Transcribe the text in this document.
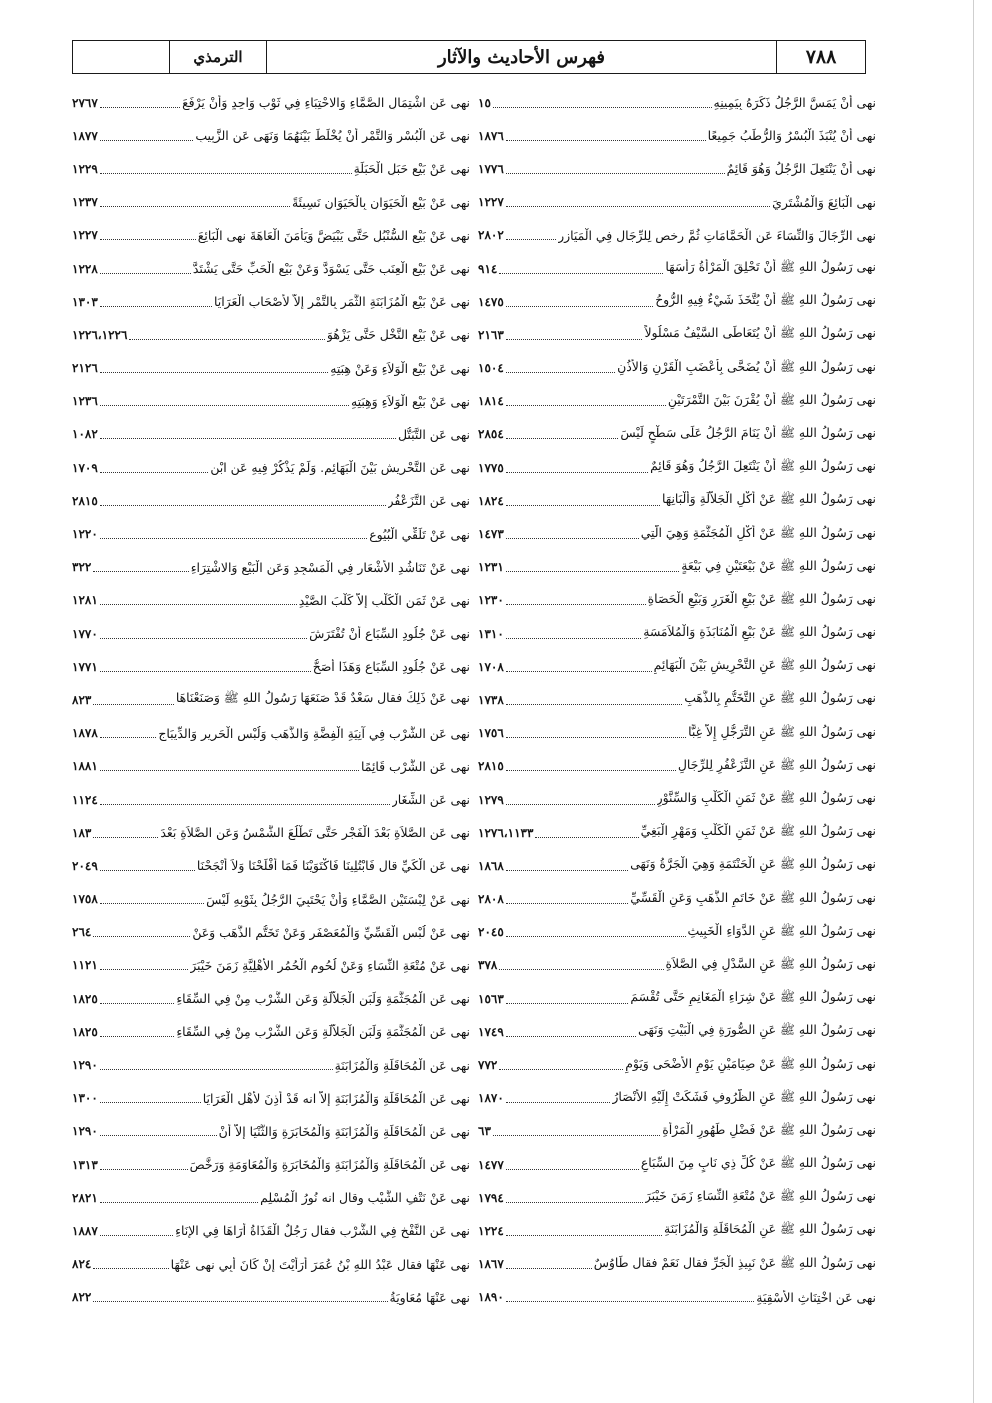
٧٨٨
فهرس الأحاديث والآثار
الترمذي
نهى أَنْ يَمَسَّ الرَّجُلُ ذَكَرَهُ بِيَمِينِهِ
١٥
نهى أَنْ يُنْبَذَ الْبُسْرُ وَالرُّطَبُ جَمِيعًا
١٨٧٦
نهى أَنْ يَنْتَعِلَ الرَّجُلُ وَهُوَ قَائِمٌ
١٧٧٦
نهى الْبَائِعَ وَالْمُشْتَرِيَ
١٢٢٧
نهى الرِّجَالَ وَالنِّسَاءَ عَنِ الْحَمَّامَاتِ ثُمَّ رخص لِلرِّجَالِ فِي الْمَيَازِرِ
٢٨٠٢
نهى رَسُولُ اللهِ ﷺ أَنْ تَحْلِقَ الْمَرْأَةُ رَأْسَهَا
٩١٤
نهى رَسُولُ اللهِ ﷺ أَنْ يُتَّخَذَ شَيْءٌ فِيهِ الرُّوحُ
١٤٧٥
نهى رَسُولُ اللهِ ﷺ أَنْ يُتَعَاطَى السَّيْفُ مَسْلُولاً
٢١٦٣
نهى رَسُولُ اللهِ ﷺ أَنْ يُضَحَّى بِأَعْضَبِ الْقَرْنِ وَالأُذُنِ
١٥٠٤
نهى رَسُولُ اللهِ ﷺ أَنْ يُقْرَنَ بَيْنَ التَّمْرَتَيْنِ
١٨١٤
نهى رَسُولُ اللهِ ﷺ أَنْ يَنَامَ الرَّجُلُ عَلَى سَطْحٍ لَيْسَ
٢٨٥٤
نهى رَسُولُ اللهِ ﷺ أَنْ يَنْتَعِلَ الرَّجُلُ وَهُوَ قَائِمٌ
١٧٧٥
نهى رَسُولُ اللهِ ﷺ عَنْ أَكْلِ الْجَلاَّلَةِ وَأَلْبَانِهَا
١٨٢٤
نهى رَسُولُ اللهِ ﷺ عَنْ أَكْلِ الْمُجَثَّمَةِ وَهِيَ الَّتِي
١٤٧٣
نهى رَسُولُ اللهِ ﷺ عَنْ بَيْعَتَيْنِ فِي بَيْعَةٍ
١٢٣١
نهى رَسُولُ اللهِ ﷺ عَنْ بَيْعِ الْغَرَرِ وَبَيْعِ الْحَصَاةِ
١٢٣٠
نهى رَسُولُ اللهِ ﷺ عَنْ بَيْعِ الْمُنَابَذَةِ وَالْمُلاَمَسَةِ
١٣١٠
نهى رَسُولُ اللهِ ﷺ عَنِ التَّحْرِيشِ بَيْنَ الْبَهَائِمِ
١٧٠٨
نهى رَسُولُ اللهِ ﷺ عَنِ التَّخَتُّمِ بِالذَّهَبِ
١٧٣٨
نهى رَسُولُ اللهِ ﷺ عَنِ التَّرَجُّلِ إِلاَّ غِبًّا
١٧٥٦
نهى رَسُولُ اللهِ ﷺ عَنِ التَّزَعْفُرِ لِلرِّجَالِ
٢٨١٥
نهى رَسُولُ اللهِ ﷺ عَنْ ثَمَنِ الْكَلْبِ وَالسِّنَّوْرِ
١٢٧٩
نهى رَسُولُ اللهِ ﷺ عَنْ ثَمَنِ الْكَلْبِ وَمَهْرِ الْبَغِيِّ
١٢٧٦،١١٣٣
نهى رَسُولُ اللهِ ﷺ عَنِ الْحَنْتَمَةِ وَهِيَ الْجَرَّةُ وَنَهَى
١٨٦٨
نهى رَسُولُ اللهِ ﷺ عَنْ خَاتَمِ الذَّهَبِ وَعَنِ الْقَسِّيِّ
٢٨٠٨
نهى رَسُولُ اللهِ ﷺ عَنِ الدَّوَاءِ الْخَبِيثِ
٢٠٤٥
نهى رَسُولُ اللهِ ﷺ عَنِ السَّدْلِ فِي الصَّلاَةِ
٣٧٨
نهى رَسُولُ اللهِ ﷺ عَنْ شِرَاءِ الْمَغَانِمِ حَتَّى تُقْسَمَ
١٥٦٣
نهى رَسُولُ اللهِ ﷺ عَنِ الصُّورَةِ فِي الْبَيْتِ وَنَهَى
١٧٤٩
نهى رَسُولُ اللهِ ﷺ عَنْ صِيَامَيْنِ يَوْمِ الأَضْحَى وَيَوْمِ
٧٧٢
نهى رَسُولُ اللهِ ﷺ عَنِ الظُّرُوفِ فَشَكَتْ إِلَيْهِ الأَنْصَارُ
١٨٧٠
نهى رَسُولُ اللهِ ﷺ عَنْ فَضْلِ طَهُورِ الْمَرْأَةِ
٦٣
نهى رَسُولُ اللهِ ﷺ عَنْ كُلِّ ذِي نَابٍ مِنَ السِّبَاعِ
١٤٧٧
نهى رَسُولُ اللهِ ﷺ عَنْ مُتْعَةِ النِّسَاءِ زَمَنَ خَيْبَرَ
١٧٩٤
نهى رَسُولُ اللهِ ﷺ عَنِ الْمُحَاقَلَةِ وَالْمُزَابَنَةِ
١٢٢٤
نهى رَسُولُ اللهِ ﷺ عَنْ نَبِيذِ الْجَرِّ فقال نَعَمْ فقال طَاوُسٌ
١٨٦٧
نهى عَنِ اخْتِنَاثِ الأَسْقِيَةِ
١٨٩٠
نهى عَنِ اشْتِمَالِ الصَّمَّاءِ وَالاحْتِبَاءِ فِي ثَوْبٍ وَاحِدٍ وَأَنْ يَرْفَعَ
٢٧٦٧
نهى عَنِ الْبُسْرِ وَالتَّمْرِ أَنْ يُخْلَطَ بَيْنَهُمَا وَنَهَى عَنِ الزَّبِيبِ
١٨٧٧
نهى عَنْ بَيْعِ حَبَلِ الْحَبَلَةِ
١٢٢٩
نهى عَنْ بَيْعِ الْحَيَوَانِ بِالْحَيَوَانِ نَسِيئَةً
١٢٣٧
نهى عَنْ بَيْعِ السُّنْبُلِ حَتَّى يَبْيَضَّ وَيَأْمَنَ الْعَاهَةَ نهى الْبَائِعَ
١٢٢٧
نهى عَنْ بَيْعِ الْعِنَبِ حَتَّى يَسْوَدَّ وَعَنْ بَيْعِ الْحَبِّ حَتَّى يَشْتَدَّ
١٢٢٨
نهى عَنْ بَيْعِ الْمُزَابَنَةِ الثَّمَرِ بِالتَّمْرِ إِلاَّ لأَصْحَابِ الْعَرَايَا
١٣٠٣
نهى عَنْ بَيْعِ النَّخْلِ حَتَّى يَزْهُوَ
١٢٢٦،١٢٢٦
نهى عَنْ بَيْعِ الْوَلاَءِ وَعَنْ هِبَتِهِ
٢١٢٦
نهى عَنْ بَيْعِ الْوَلاَءِ وَهِبَتِهِ
١٢٣٦
نهى عَنِ التَّبَتُّلِ
١٠٨٢
نهى عَنِ التَّحْرِيشِ بَيْنَ الْبَهَائِمِ. وَلَمْ يَذْكُرْ فِيهِ عَنِ ابْنِ
١٧٠٩
نهى عَنِ التَّزَعْفُرِ
٢٨١٥
نهى عَنْ تَلَقِّي الْبُيُوعِ
١٢٢٠
نهى عَنْ تَنَاشُدِ الأَشْعَارِ فِي الْمَسْجِدِ وَعَنِ الْبَيْعِ وَالاشْتِرَاءِ
٣٢٢
نهى عَنْ ثَمَنِ الْكَلْبِ إِلاَّ كَلْبَ الصَّيْدِ
١٢٨١
نهى عَنْ جُلُودِ السِّبَاعِ أَنْ تُفْتَرَشَ
١٧٧٠
نهى عَنْ جُلُودِ السِّبَاعِ وَهَذَا أَصَحُّ
١٧٧١
نهى عَنْ ذَلِكَ فقال سَعْدٌ قَدْ صَنَعَهَا رَسُولُ اللهِ ﷺ وَصَنَعْنَاهَا
٨٢٣
نهى عَنِ الشُّرْبِ فِي آنِيَةِ الْفِضَّةِ وَالذَّهَبِ وَلُبْسِ الْحَرِيرِ وَالدِّيبَاجِ
١٨٧٨
نهى عَنِ الشُّرْبِ قَائِمًا
١٨٨١
نهى عَنِ الشِّغَارِ
١١٢٤
نهى عَنِ الصَّلاَةِ بَعْدَ الْفَجْرِ حَتَّى تَطْلُعَ الشَّمْسُ وَعَنِ الصَّلاَةِ بَعْدَ
١٨٣
نهى عَنِ الْكَيِّ قال فَابْتُلِينَا فَاكْتَوَيْنَا فَمَا أَفْلَحْنَا وَلاَ أَنْجَحْنَا
٢٠٤٩
نهى عَنْ لِبْسَتَيْنِ الصَّمَّاءِ وَأَنْ يَحْتَبِيَ الرَّجُلُ بِثَوْبِهِ لَيْسَ
١٧٥٨
نهى عَنْ لُبْسِ الْقَسِّيِّ وَالْمُعَصْفَرِ وَعَنْ تَخَتُّمِ الذَّهَبِ وَعَنْ
٢٦٤
نهى عَنْ مُتْعَةِ النِّسَاءِ وَعَنْ لُحُومِ الْحُمُرِ الأَهْلِيَّةِ زَمَنَ خَيْبَرَ
١١٢١
نهى عَنِ الْمُجَثَّمَةِ وَلَبَنِ الْجَلاَّلَةِ وَعَنِ الشُّرْبِ مِنْ فِي السِّقَاءِ
١٨٢٥
نهى عَنِ الْمُجَثَّمَةِ وَلَبَنِ الْجَلاَّلَةِ وَعَنِ الشُّرْبِ مِنْ فِي السِّقَاءِ
١٨٢٥
نهى عَنِ الْمُحَاقَلَةِ وَالْمُزَابَنَةِ
١٢٩٠
نهى عَنِ الْمُحَاقَلَةِ وَالْمُزَابَنَةِ إِلاَّ انه قَدْ أَذِنَ لأَهْلِ الْعَرَايَا
١٣٠٠
نهى عَنِ الْمُحَاقَلَةِ وَالْمُزَابَنَةِ وَالْمُخَابَرَةِ وَالثُّنْيَا إِلاَّ أَنْ
١٢٩٠
نهى عَنِ الْمُحَاقَلَةِ وَالْمُزَابَنَةِ وَالْمُخَابَرَةِ وَالْمُعَاوَمَةِ وَرَخَّصَ
١٣١٣
نهى عَنْ نَتْفِ الشَّيْبِ وقال انه نُورُ الْمُسْلِمِ
٢٨٢١
نهى عَنِ النَّفْخِ فِي الشُّرْبِ فقال رَجُلٌ الْقَذَاةُ أَرَاهَا فِي الإِنَاءِ
١٨٨٧
نهى عَنْهَا فقال عَبْدُ اللهِ بْنُ عُمَرَ أَرَأَيْتَ إِنْ كَانَ أَبِي نهى عَنْهَا
٨٢٤
نهى عَنْهَا مُعَاوِيَةُ
٨٢٢
